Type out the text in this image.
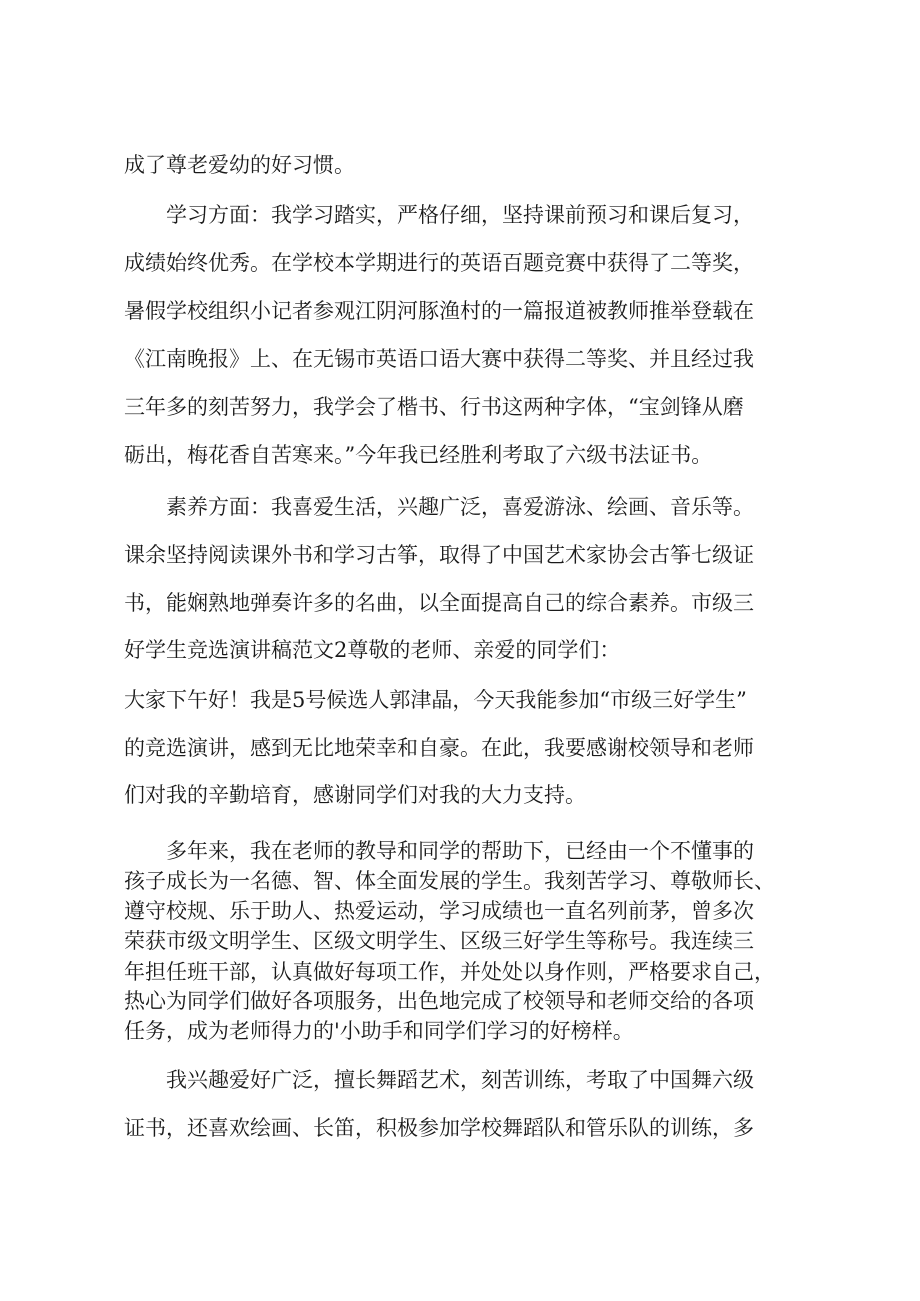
成了尊老爱幼的好习惯。
学习方面：我学习踏实，严格仔细，坚持课前预习和课后复习，
成绩始终优秀。在学校本学期进行的英语百题竞赛中获得了二等奖，
暑假学校组织小记者参观江阴河豚渔村的一篇报道被教师推举登载在
《江南晚报》上、在无锡市英语口语大赛中获得二等奖、并且经过我
三年多的刻苦努力，我学会了楷书、行书这两种字体，“宝剑锋从磨
砺出，梅花香自苦寒来。”今年我已经胜利考取了六级书法证书。
素养方面：我喜爱生活，兴趣广泛，喜爱游泳、绘画、音乐等。
课余坚持阅读课外书和学习古筝，取得了中国艺术家协会古筝七级证
书，能娴熟地弹奏许多的名曲，以全面提高自己的综合素养。市级三
好学生竞选演讲稿范文2尊敬的老师、亲爱的同学们：
大家下午好！我是5号候选人郭津晶，今天我能参加“市级三好学生”
的竞选演讲，感到无比地荣幸和自豪。在此，我要感谢校领导和老师
们对我的辛勤培育，感谢同学们对我的大力支持。
多年来，我在老师的教导和同学的帮助下，已经由一个不懂事的
孩子成长为一名德、智、体全面发展的学生。我刻苦学习、尊敬师长、
遵守校规、乐于助人、热爱运动，学习成绩也一直名列前茅，曾多次
荣获市级文明学生、区级文明学生、区级三好学生等称号。我连续三
年担任班干部，认真做好每项工作，并处处以身作则，严格要求自己，
热心为同学们做好各项服务，出色地完成了校领导和老师交给的各项
任务，成为老师得力的'小助手和同学们学习的好榜样。
我兴趣爱好广泛，擅长舞蹈艺术，刻苦训练，考取了中国舞六级
证书，还喜欢绘画、长笛，积极参加学校舞蹈队和管乐队的训练，多
